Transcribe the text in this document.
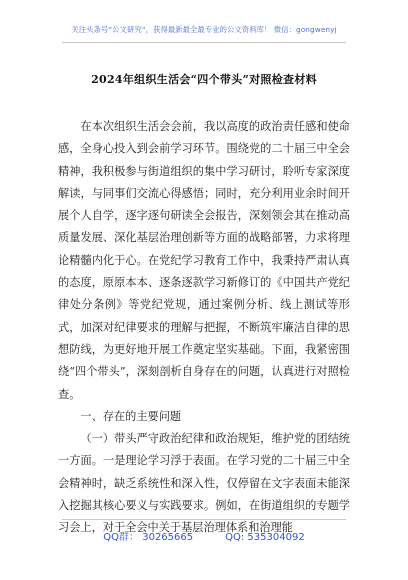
关注头条号“公文研究”，获得最新最全最专业的公文资料库！ 微信：gongwenyj
2024年组织生活会“四个带头”对照检查材料

在本次组织生活会会前，我以高度的政治责任感和使命感，全身心投入到会前学习环节。围绕党的二十届三中全会精神，我积极参与街道组织的集中学习研讨，聆听专家深度解读，与同事们交流心得感悟；同时，充分利用业余时间开展个人自学，逐字逐句研读全会报告，深刻领会其在推动高质量发展、深化基层治理创新等方面的战略部署，力求将理论精髓内化于心。在党纪学习教育工作中，我秉持严肃认真的态度，原原本本、逐条逐款学习新修订的《中国共产党纪律处分条例》等党纪党规，通过案例分析、线上测试等形式，加深对纪律要求的理解与把握，不断筑牢廉洁自律的思想防线，为更好地开展工作奠定坚实基础。下面，我紧密围绕“四个带头”，深刻剖析自身存在的问题，认真进行对照检查。

一、存在的主要问题

（一）带头严守政治纪律和政治规矩，维护党的团结统一方面。一是理论学习浮于表面。在学习党的二十届三中全会精神时，缺乏系统性和深入性，仅停留在文字表面未能深入挖掘其核心要义与实践要求。例如，在街道组织的专题学习会上，对于全会中关于基层治理体系和治理能

QQ群： 30265665	QQ: 535304092
